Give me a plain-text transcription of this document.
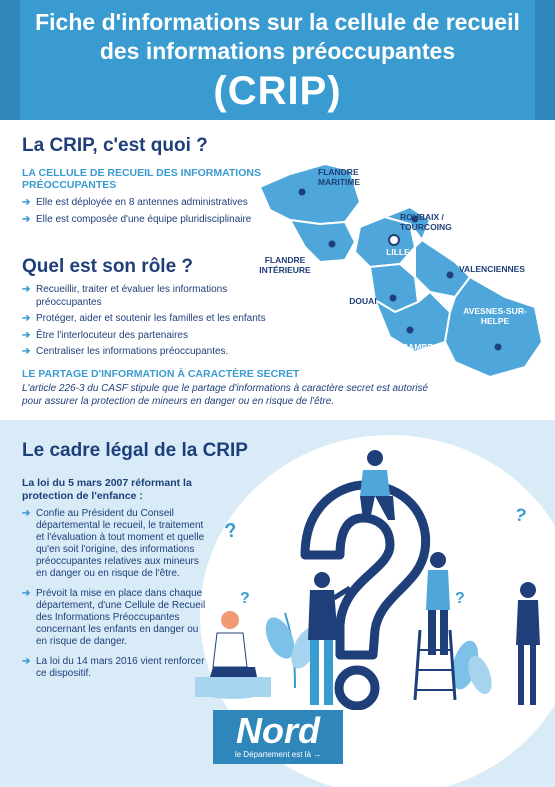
Fiche d'informations sur la cellule de recueil
des informations préoccupantes
(CRIP)
La CRIP, c'est quoi ?
LA CELLULE DE RECUEIL DES INFORMATIONS PRÉOCCUPANTES
➔ Elle est déployée en 8 antennes administratives
➔ Elle est composée d'une équipe pluridisciplinaire
Quel est son rôle ?
➔ Recueillir, traiter et évaluer les informations préoccupantes
➔ Protéger, aider et soutenir les familles et les enfants
➔ Être l'interlocuteur des partenaires
➔ Centraliser les informations préoccupantes.
LE PARTAGE D'INFORMATION À CARACTÈRE SECRET
L'article 226-3 du CASF stipule que le partage d'informations à caractère secret est autorisé pour assurer la protection de mineurs en danger ou en risque de l'être.
FLANDRE MARITIME
ROUBAIX / TOURCOING
LILLE
FLANDRE INTÉRIEURE	VALENCIENNES
DOUAI
AVESNES-SUR-HELPE
CAMBRAI
?
?
?
?
Le cadre légal de la CRIP
La loi du 5 mars 2007 réformant la protection de l'enfance :
➔ Confie au Président du Conseil départemental le recueil, le traitement et l'évaluation à tout moment et quelle qu'en soit l'origine, des informations préoccupantes relatives aux mineurs en danger ou en risque de l'être.
➔ Prévoit la mise en place dans chaque département, d'une Cellule de Recueil des Informations Préoccupantes concernant les enfants en danger ou en risque de danger.
➔ La loi du 14 mars 2016 vient renforcer ce dispositif.
Nord
le Département est là →
